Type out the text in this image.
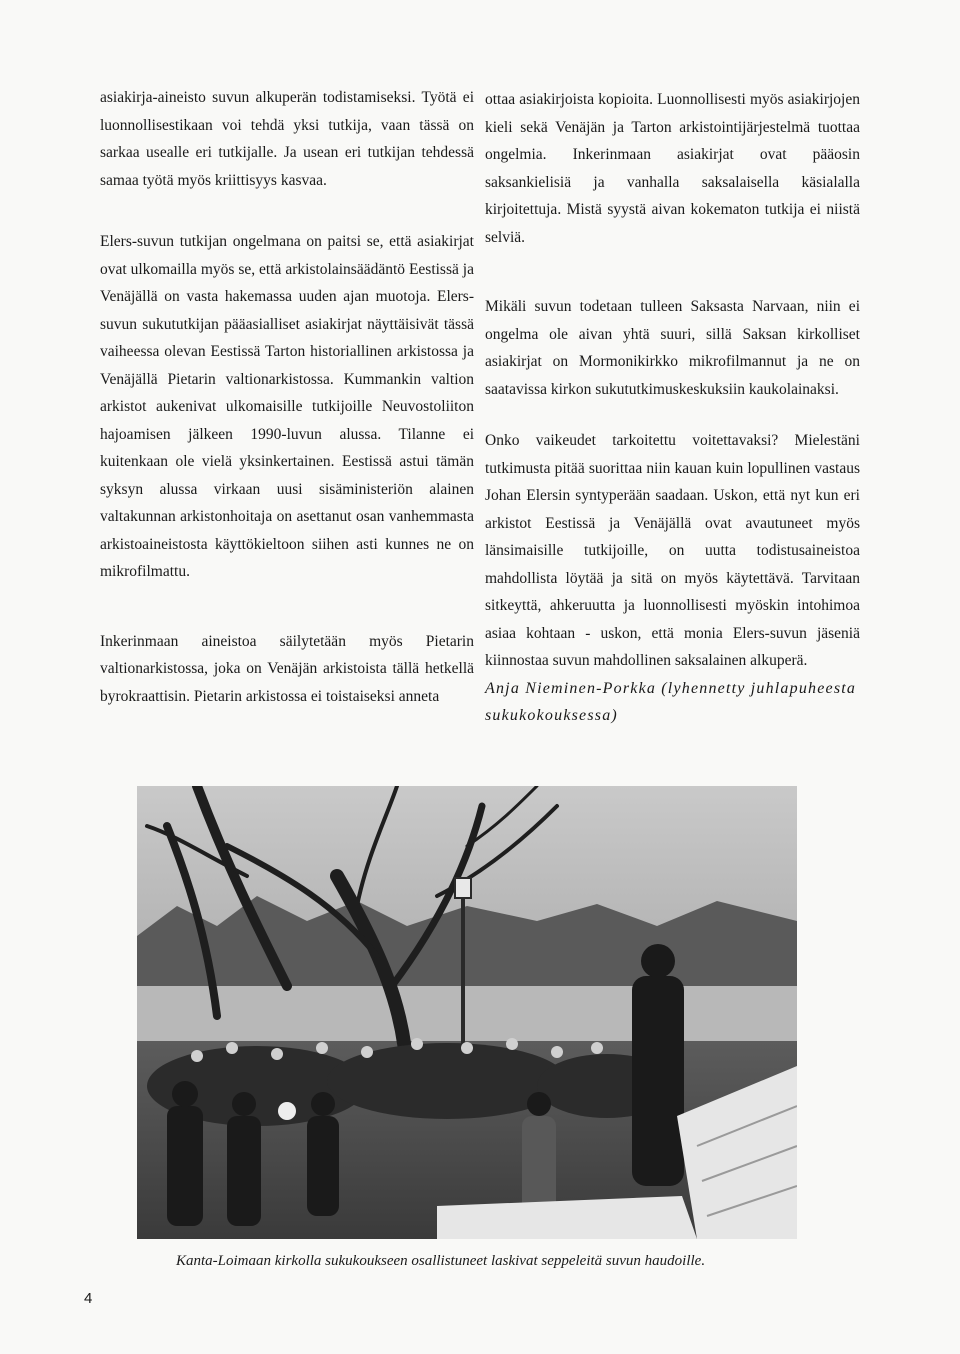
asiakirja-aineisto suvun alkuperän todistamiseksi. Työtä ei luonnollisestikaan voi tehdä yksi tutkija, vaan tässä on sarkaa usealle eri tutkijalle. Ja usean eri tutkijan tehdessä samaa työtä myös kriittisyys kasvaa.

Elers-suvun tutkijan ongelmana on paitsi se, että asiakirjat ovat ulkomailla myös se, että arkistolainsäädäntö Eestissä ja Venäjällä on vasta hakemassa uuden ajan muotoja. Elers-suvun sukututkijan pääasialliset asiakirjat näyttäisivät tässä vaiheessa olevan Eestissä Tarton historiallinen arkistossa ja Venäjällä Pietarin valtionarkistossa. Kummankin valtion arkistot aukenivat ulkomaisille tutkijoille Neuvostoliiton hajoamisen jälkeen 1990-luvun alussa. Tilanne ei kuitenkaan ole vielä yksinkertainen. Eestissä astui tämän syksyn alussa virkaan uusi sisäministeriön alainen valtakunnan arkistonhoitaja on asettanut osan vanhemmasta arkistoaineistosta käyttökieltoon siihen asti kunnes ne on mikrofilmattu.

Inkerinmaan aineistoa säilytetään myös Pietarin valtionarkistossa, joka on Venäjän arkistoista tällä hetkellä byrokraattisin. Pietarin arkistossa ei toistaiseksi anneta

ottaa asiakirjoista kopioita. Luonnollisesti myös asiakirjojen kieli sekä Venäjän ja Tarton arkistointijärjestelmä tuottaa ongelmia. Inkerinmaan asiakirjat ovat pääosin saksankielisiä ja vanhalla saksalaisella käsialalla kirjoitettuja. Mistä syystä aivan kokematon tutkija ei niistä selviä.

Mikäli suvun todetaan tulleen Saksasta Narvaan, niin ei ongelma ole aivan yhtä suuri, sillä Saksan kirkolliset asiakirjat on Mormonikirkko mikrofilmannut ja ne on saatavissa kirkon sukututkimuskeskuksiin kaukolainaksi.

Onko vaikeudet tarkoitettu voitettavaksi? Mielestäni tutkimusta pitää suorittaa niin kauan kuin lopullinen vastaus Johan Elersin syntyperään saadaan. Uskon, että nyt kun eri arkistot Eestissä ja Venäjällä ovat avautuneet myös länsimaisille tutkijoille, on uutta todistusaineistoa mahdollista löytää ja sitä on myös käytettävä. Tarvitaan sitkeyttä, ahkeruutta ja luonnollisesti myöskin intohimoa asiaa kohtaan - uskon, että monia Elers-suvun jäseniä kiinnostaa suvun mahdollinen saksalainen alkuperä.

Anja Nieminen-Porkka (lyhennetty juhlapuheesta sukukokouksessa)

Kanta-Loimaan kirkolla sukukoukseen osallistuneet laskivat seppeleitä suvun haudoille.
4
